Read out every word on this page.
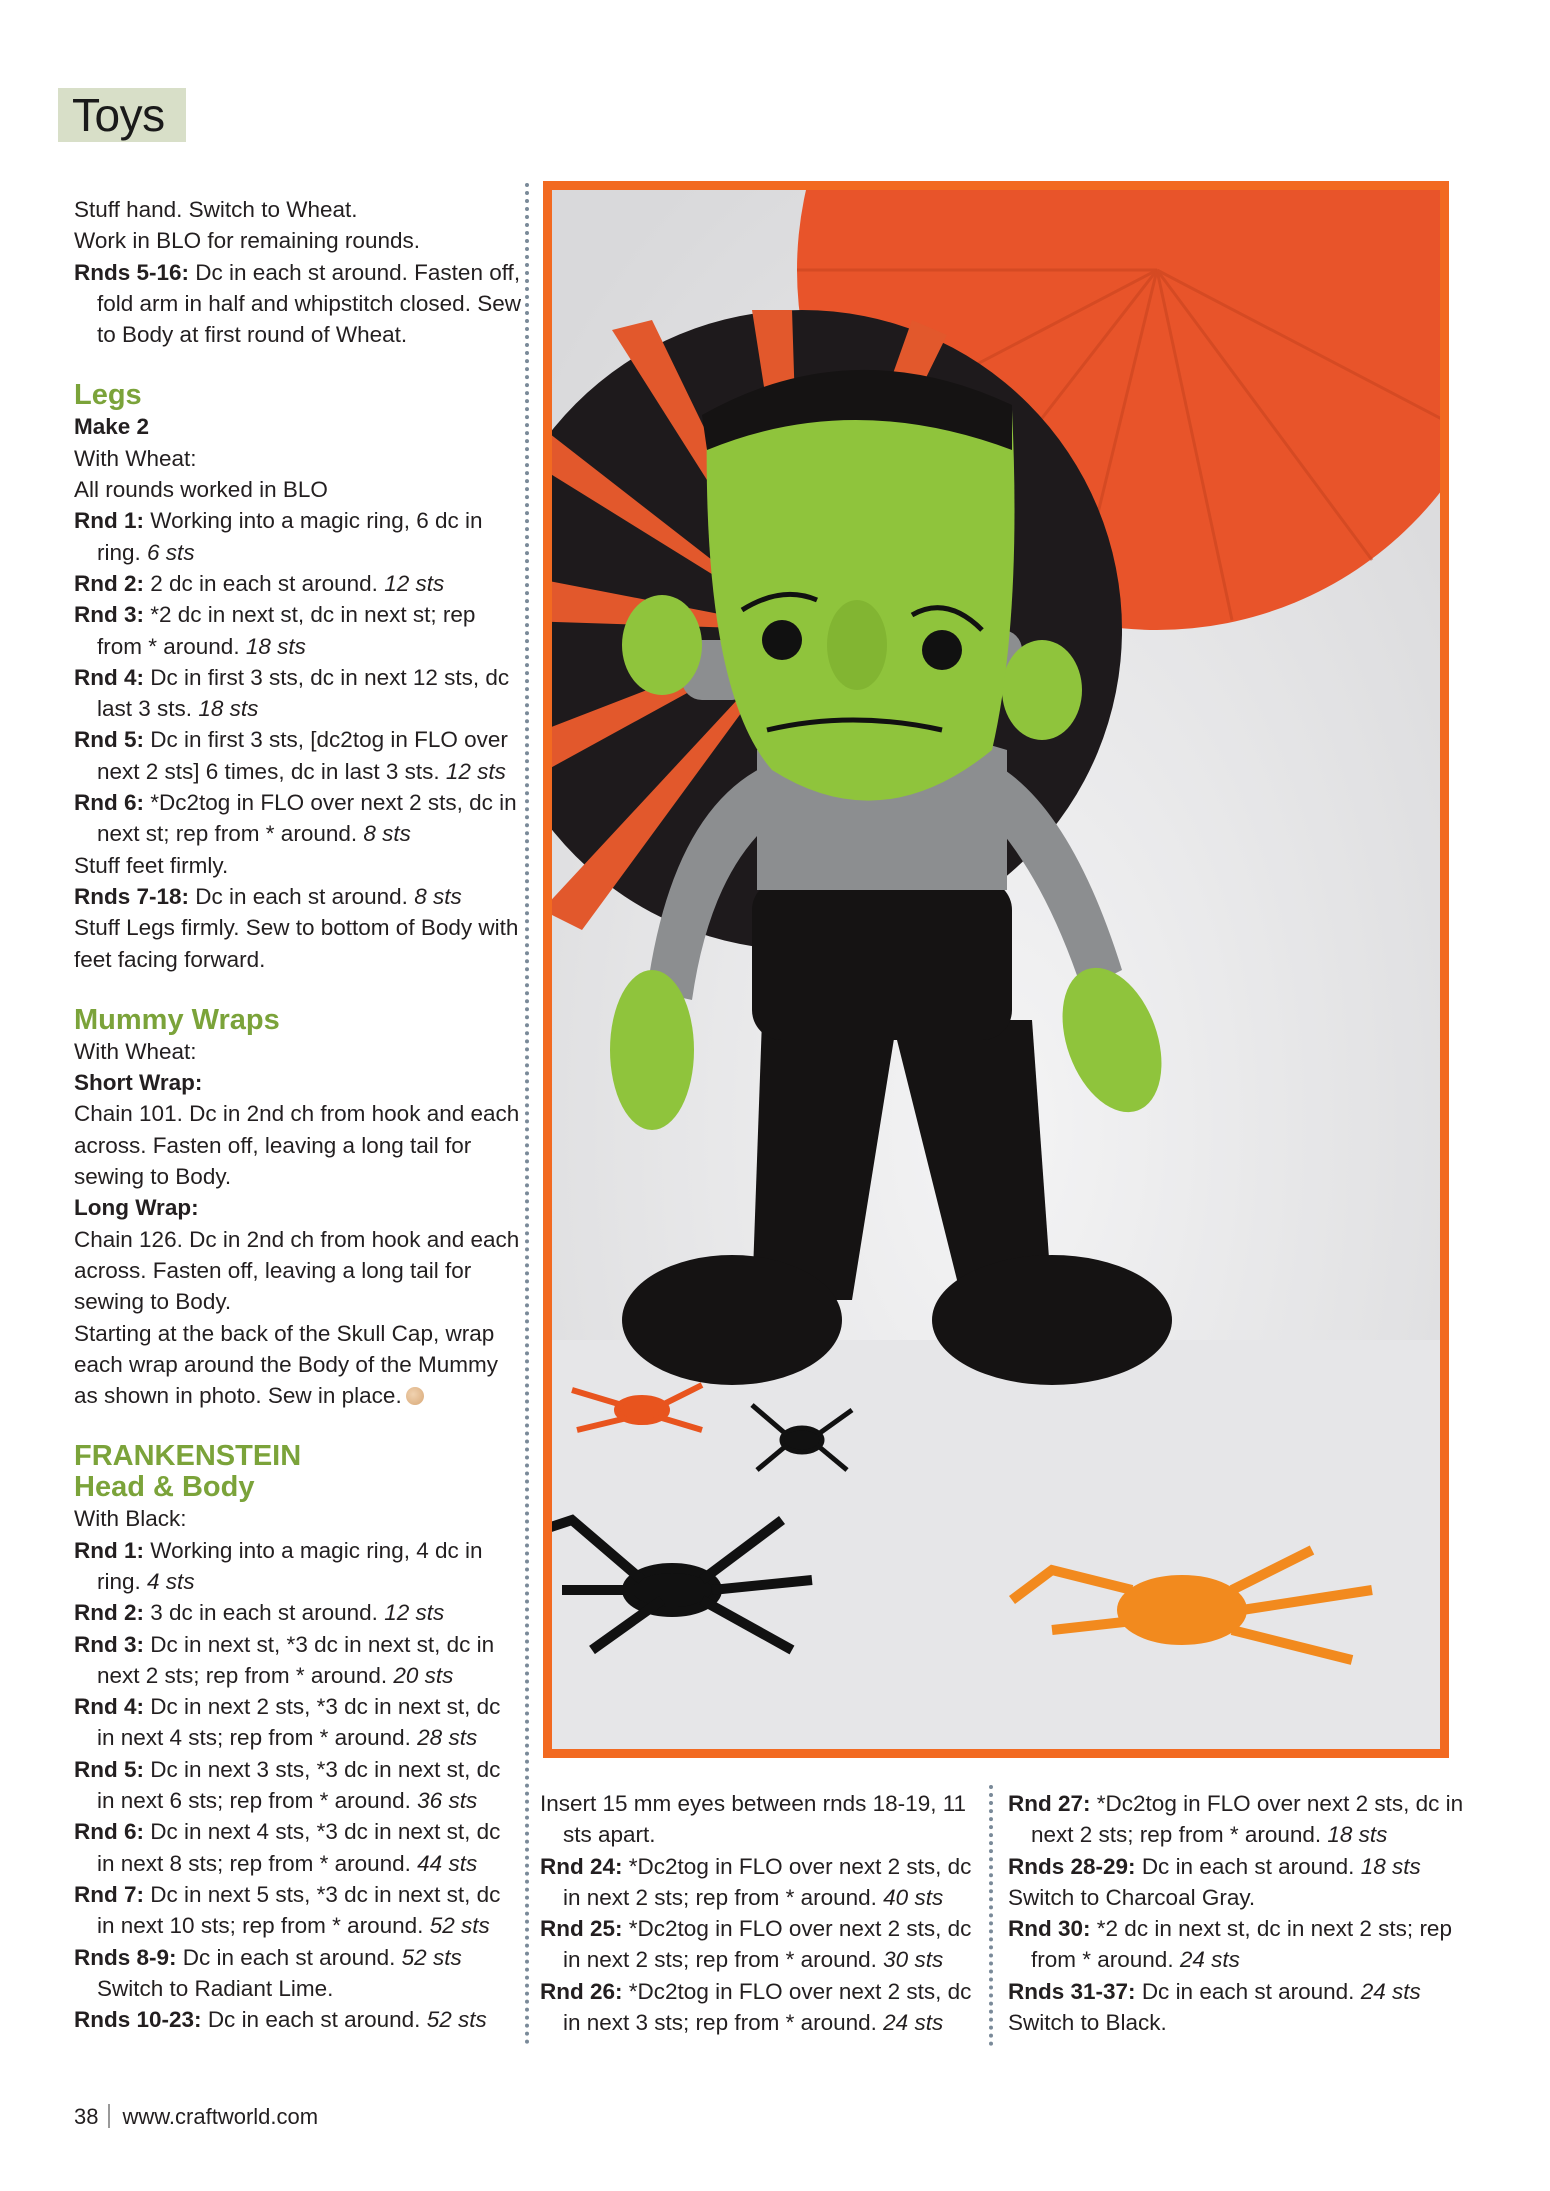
Toys

Stuff hand. Switch to Wheat.

Work in BLO for remaining rounds.

Rnds 5-16: Dc in each st around. Fasten off, fold arm in half and whipstitch closed. Sew to Body at first round of Wheat.

Legs

Make 2

With Wheat:

All rounds worked in BLO

Rnd 1: Working into a magic ring, 6 dc in ring. 6 sts

Rnd 2: 2 dc in each st around. 12 sts

Rnd 3: *2 dc in next st, dc in next st; rep from * around. 18 sts

Rnd 4: Dc in first 3 sts, dc in next 12 sts, dc last 3 sts. 18 sts

Rnd 5: Dc in first 3 sts, [dc2tog in FLO over next 2 sts] 6 times, dc in last 3 sts. 12 sts

Rnd 6: *Dc2tog in FLO over next 2 sts, dc in next st; rep from * around. 8 sts

Stuff feet firmly.

Rnds 7-18: Dc in each st around. 8 sts

Stuff Legs firmly. Sew to bottom of Body with feet facing forward.

Mummy Wraps

With Wheat:

Short Wrap:

Chain 101. Dc in 2nd ch from hook and each across. Fasten off, leaving a long tail for sewing to Body.

Long Wrap:

Chain 126. Dc in 2nd ch from hook and each across. Fasten off, leaving a long tail for sewing to Body.

Starting at the back of the Skull Cap, wrap each wrap around the Body of the Mummy as shown in photo. Sew in place.

FRANKENSTEIN

Head & Body

With Black:

Rnd 1: Working into a magic ring, 4 dc in ring. 4 sts

Rnd 2: 3 dc in each st around. 12 sts

Rnd 3: Dc in next st, *3 dc in next st, dc in next 2 sts; rep from * around. 20 sts

Rnd 4: Dc in next 2 sts, *3 dc in next st, dc in next 4 sts; rep from * around. 28 sts

Rnd 5: Dc in next 3 sts, *3 dc in next st, dc in next 6 sts; rep from * around. 36 sts

Rnd 6: Dc in next 4 sts, *3 dc in next st, dc in next 8 sts; rep from * around. 44 sts

Rnd 7: Dc in next 5 sts, *3 dc in next st, dc in next 10 sts; rep from * around. 52 sts

Rnds 8-9: Dc in each st around. 52 sts

Switch to Radiant Lime.

Rnds 10-23: Dc in each st around. 52 sts

Insert 15 mm eyes between rnds 18-19, 11 sts apart.

Rnd 24: *Dc2tog in FLO over next 2 sts, dc in next 2 sts; rep from * around. 40 sts

Rnd 25: *Dc2tog in FLO over next 2 sts, dc in next 2 sts; rep from * around. 30 sts

Rnd 26: *Dc2tog in FLO over next 2 sts, dc in next 3 sts; rep from * around. 24 sts

Rnd 27: *Dc2tog in FLO over next 2 sts, dc in next 2 sts; rep from * around. 18 sts

Rnds 28-29: Dc in each st around. 18 sts

Switch to Charcoal Gray.

Rnd 30: *2 dc in next st, dc in next 2 sts; rep from * around. 24 sts

Rnds 31-37: Dc in each st around. 24 sts

Switch to Black.

38 www.craftworld.com
